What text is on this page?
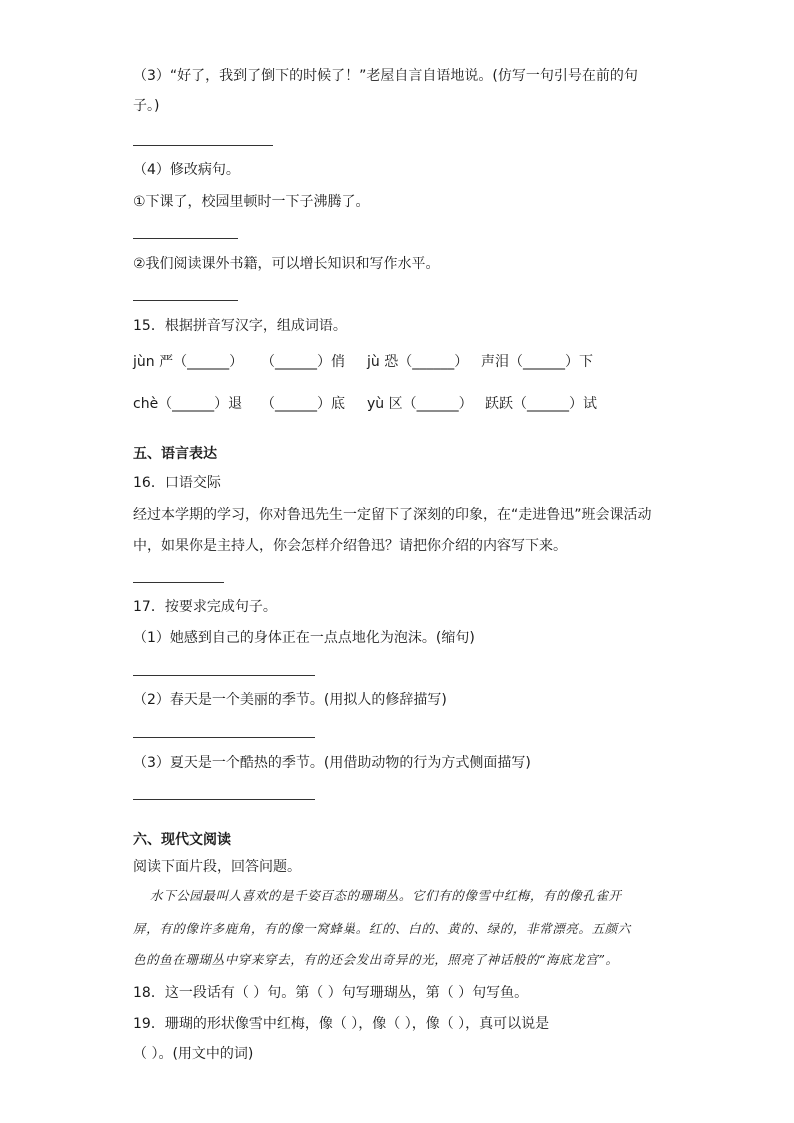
（3）“好了，我到了倒下的时候了！”老屋自言自语地说。(仿写一句引号在前的句
子。)
（4）修改病句。
①下课了，校园里顿时一下子沸腾了。
②我们阅读课外书籍，可以增长知识和写作水平。
15．根据拼音写汉字，组成词语。
jùn 严（______） （______）俏 jù 恐（______） 声泪（______）下
chè（______）退 （______）底 yù 区（______） 跃跃（______）试
五、语言表达
16．口语交际
经过本学期的学习，你对鲁迅先生一定留下了深刻的印象，在“走进鲁迅”班会课活动
中，如果你是主持人，你会怎样介绍鲁迅？请把你介绍的内容写下来。
17．按要求完成句子。
（1）她感到自己的身体正在一点点地化为泡沫。(缩句)
（2）春天是一个美丽的季节。(用拟人的修辞描写)
（3）夏天是一个酷热的季节。(用借助动物的行为方式侧面描写)
六、现代文阅读
阅读下面片段，回答问题。
水下公园最叫人喜欢的是千姿百态的珊瑚丛。它们有的像雪中红梅，有的像孔雀开
屏，有的像许多鹿角，有的像一窝蜂巢。红的、白的、黄的、绿的，非常漂亮。五颜六
色的鱼在珊瑚丛中穿来穿去，有的还会发出奇异的光，照亮了神话般的“海底龙宫”。
18．这一段话有（ ）句。第（ ）句写珊瑚丛，第（ ）句写鱼。
19．珊瑚的形状像雪中红梅，像（ ），像（ ），像（ ），真可以说是
（ ）。(用文中的词)
